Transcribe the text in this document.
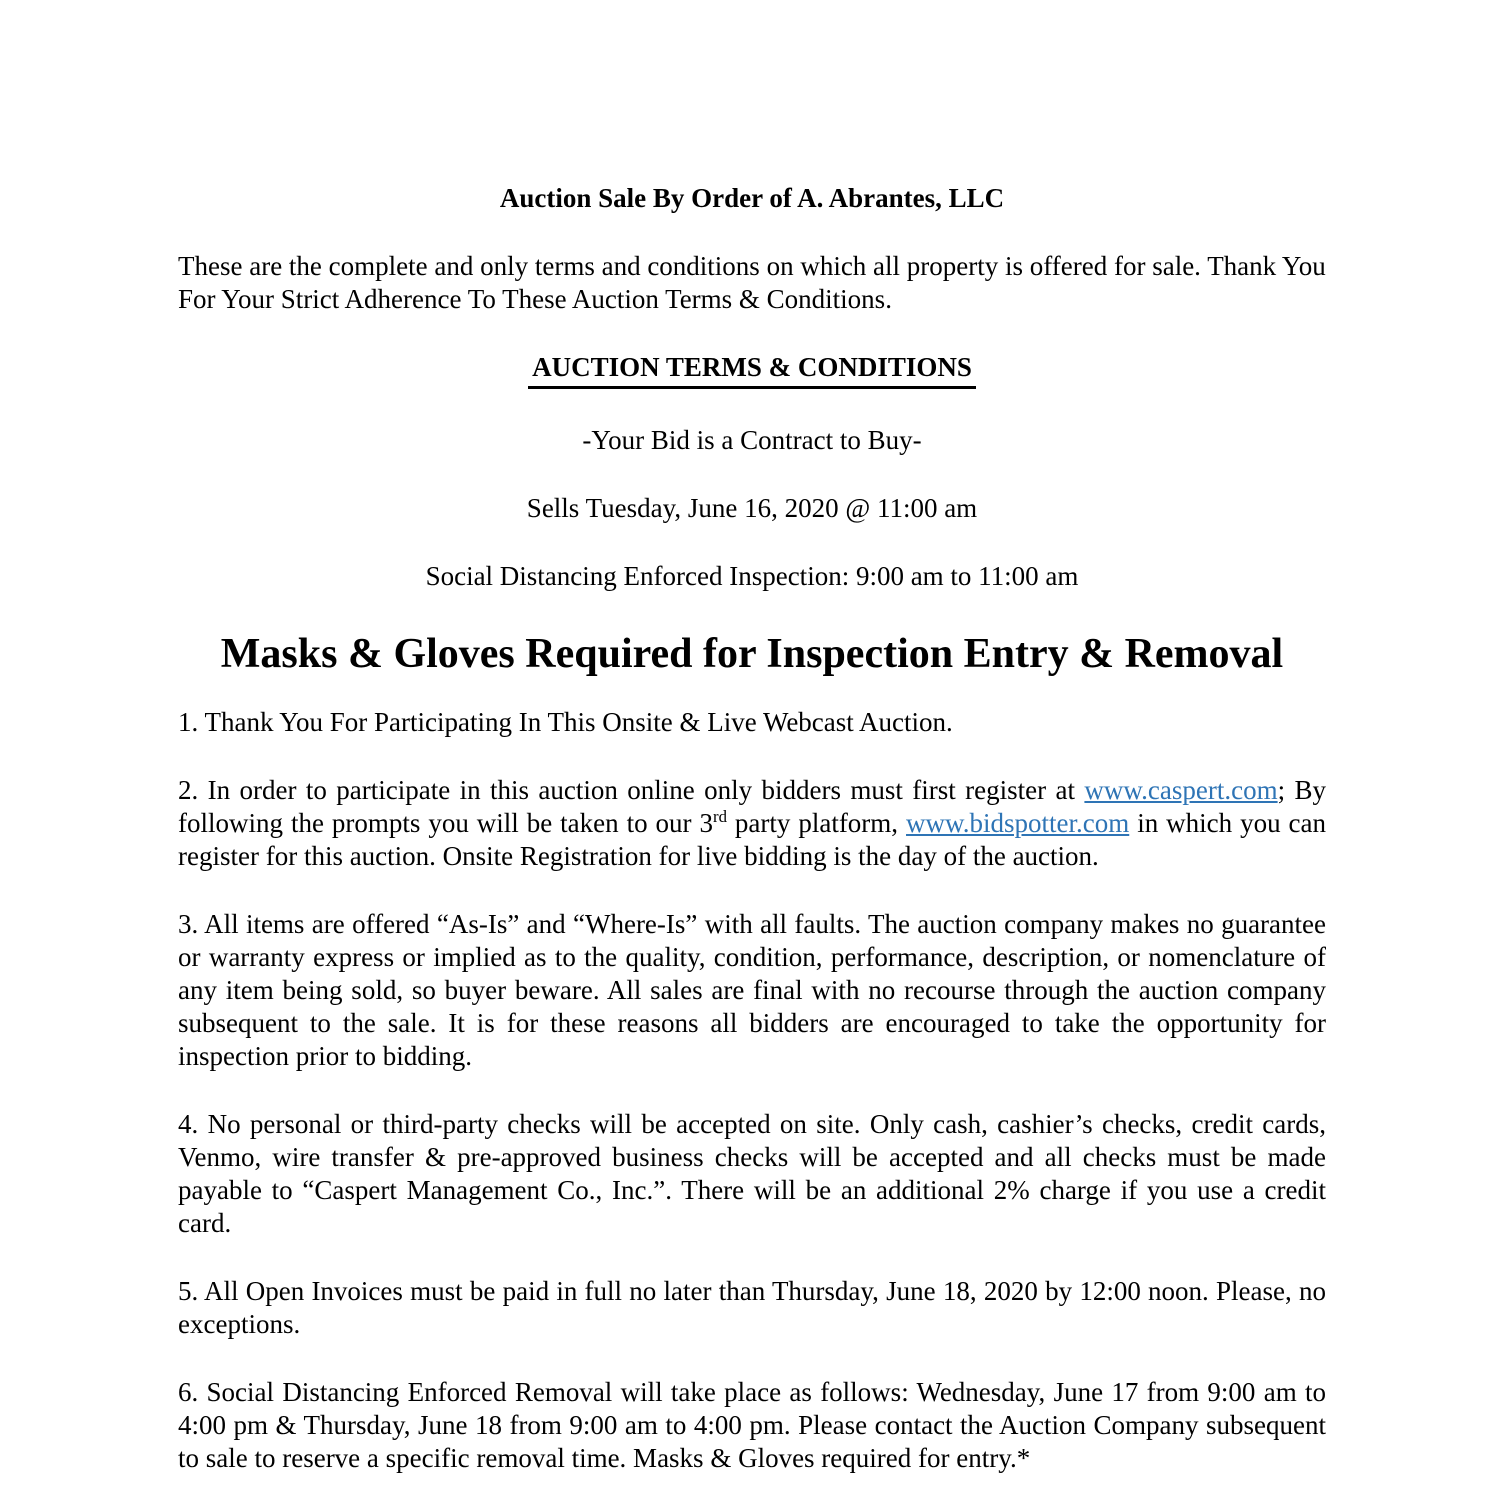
Auction Sale By Order of A. Abrantes, LLC

These are the complete and only terms and conditions on which all property is offered for sale. Thank You For Your Strict Adherence To These Auction Terms & Conditions.

AUCTION TERMS & CONDITIONS

-Your Bid is a Contract to Buy-

Sells Tuesday, June 16, 2020 @ 11:00 am

Social Distancing Enforced Inspection: 9:00 am to 11:00 am

Masks & Gloves Required for Inspection Entry & Removal

1. Thank You For Participating In This Onsite & Live Webcast Auction.

2. In order to participate in this auction online only bidders must first register at www.caspert.com; By following the prompts you will be taken to our 3rd party platform, www.bidspotter.com in which you can register for this auction. Onsite Registration for live bidding is the day of the auction.

3. All items are offered “As-Is” and “Where-Is” with all faults. The auction company makes no guarantee or warranty express or implied as to the quality, condition, performance, description, or nomenclature of any item being sold, so buyer beware. All sales are final with no recourse through the auction company subsequent to the sale. It is for these reasons all bidders are encouraged to take the opportunity for inspection prior to bidding.

4. No personal or third-party checks will be accepted on site. Only cash, cashier’s checks, credit cards, Venmo, wire transfer & pre-approved business checks will be accepted and all checks must be made payable to “Caspert Management Co., Inc.”. There will be an additional 2% charge if you use a credit card.

5. All Open Invoices must be paid in full no later than Thursday, June 18, 2020 by 12:00 noon. Please, no exceptions.

6. Social Distancing Enforced Removal will take place as follows: Wednesday, June 17 from 9:00 am to 4:00 pm & Thursday, June 18 from 9:00 am to 4:00 pm. Please contact the Auction Company subsequent to sale to reserve a specific removal time. Masks & Gloves required for entry.*
